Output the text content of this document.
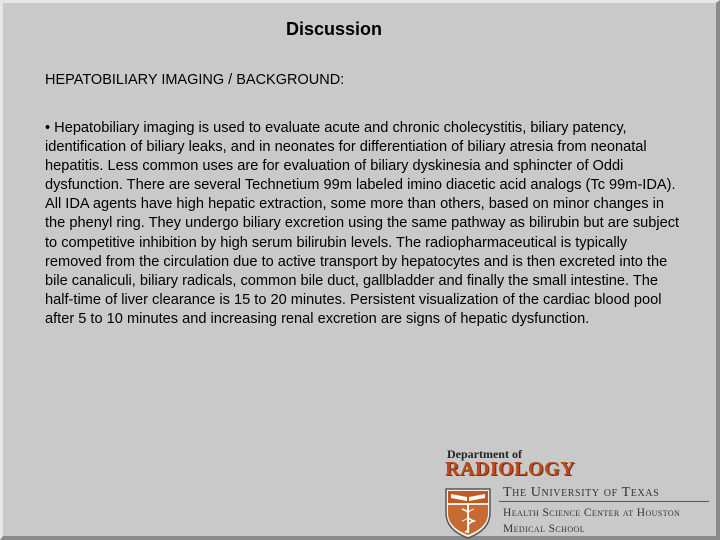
Discussion
HEPATOBILIARY IMAGING / BACKGROUND:
• Hepatobiliary imaging is used to evaluate acute and chronic cholecystitis, biliary patency, identification of biliary leaks, and in neonates for differentiation of biliary atresia from neonatal hepatitis. Less common uses are for evaluation of biliary dyskinesia and sphincter of Oddi dysfunction. There are several Technetium 99m labeled imino diacetic acid analogs (Tc 99m-IDA). All IDA agents have high hepatic extraction, some more than others, based on minor changes in the phenyl ring. They undergo biliary excretion using the same pathway as bilirubin but are subject to competitive inhibition by high serum bilirubin levels. The radiopharmaceutical is typically removed from the circulation due to active transport by hepatocytes and is then excreted into the bile canaliculi, biliary radicals, common bile duct, gallbladder and finally the small intestine. The half-time of liver clearance is 15 to 20 minutes. Persistent visualization of the cardiac blood pool after 5 to 10 minutes and increasing renal excretion are signs of hepatic dysfunction.
Department of
RADIOLOGY
The University of Texas
Health Science Center at Houston
Medical School
